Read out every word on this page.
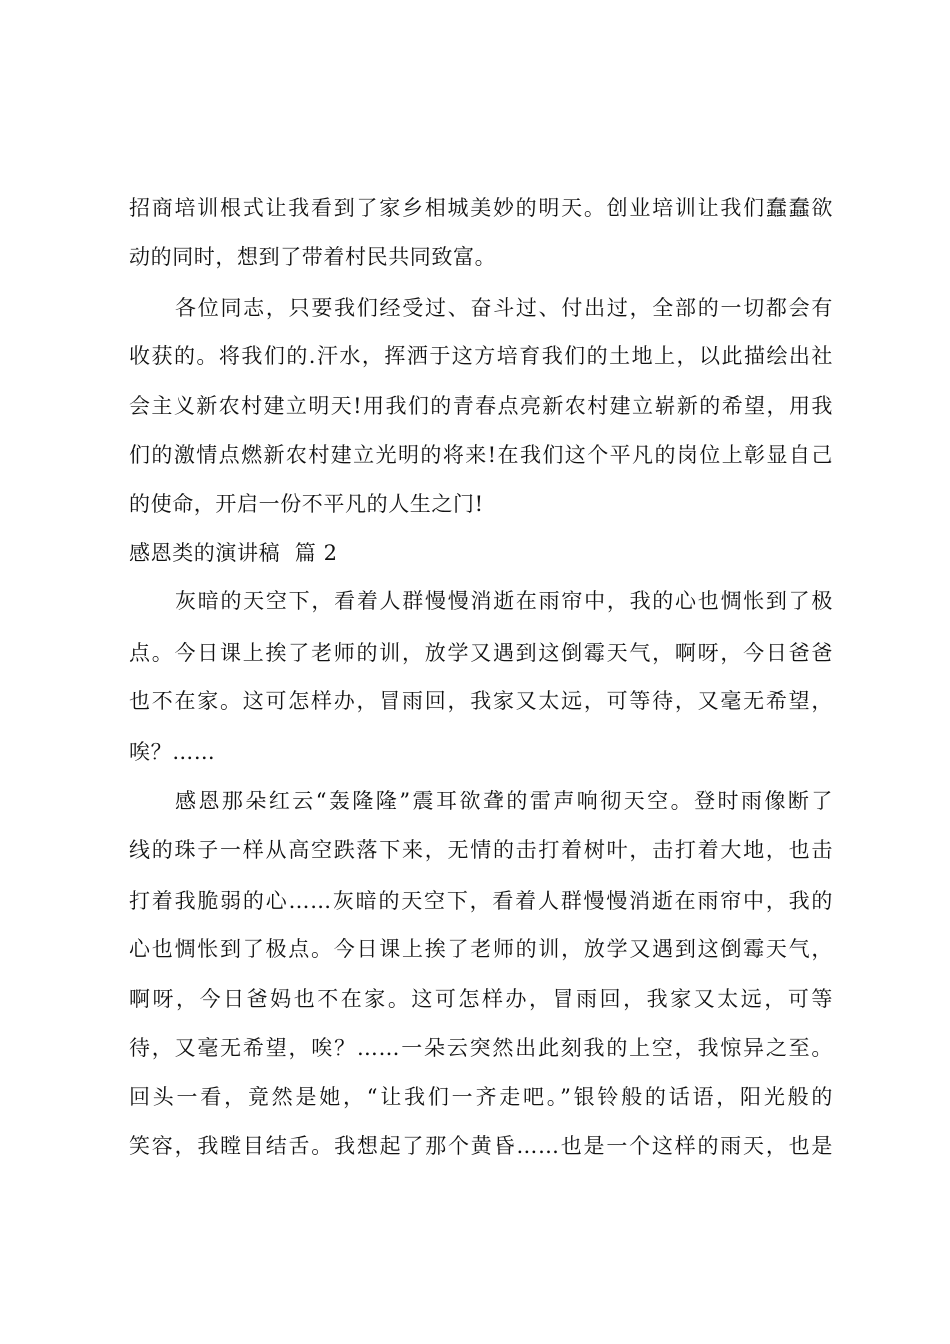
招商培训根式让我看到了家乡相城美妙的明天。创业培训让我们蠢蠢欲
动的同时，想到了带着村民共同致富。
各位同志，只要我们经受过、奋斗过、付出过，全部的一切都会有
收获的。将我们的.汗水，挥洒于这方培育我们的土地上，以此描绘出社
会主义新农村建立明天!用我们的青春点亮新农村建立崭新的希望，用我
们的激情点燃新农村建立光明的将来!在我们这个平凡的岗位上彰显自己
的使命，开启一份不平凡的人生之门!
感恩类的演讲稿  篇 2
灰暗的天空下，看着人群慢慢消逝在雨帘中，我的心也惆怅到了极
点。今日课上挨了老师的训，放学又遇到这倒霉天气，啊呀，今日爸爸
也不在家。这可怎样办，冒雨回，我家又太远，可等待，又毫无希望，
唉？……
感恩那朵红云“轰隆隆”震耳欲聋的雷声响彻天空。登时雨像断了
线的珠子一样从高空跌落下来，无情的击打着树叶，击打着大地，也击
打着我脆弱的心……灰暗的天空下，看着人群慢慢消逝在雨帘中，我的
心也惆怅到了极点。今日课上挨了老师的训，放学又遇到这倒霉天气，
啊呀，今日爸妈也不在家。这可怎样办，冒雨回，我家又太远，可等
待，又毫无希望，唉？……一朵云突然出此刻我的上空，我惊异之至。
回头一看，竟然是她，“让我们一齐走吧。”银铃般的话语，阳光般的
笑容，我瞠目结舌。我想起了那个黄昏……也是一个这样的雨天，也是
